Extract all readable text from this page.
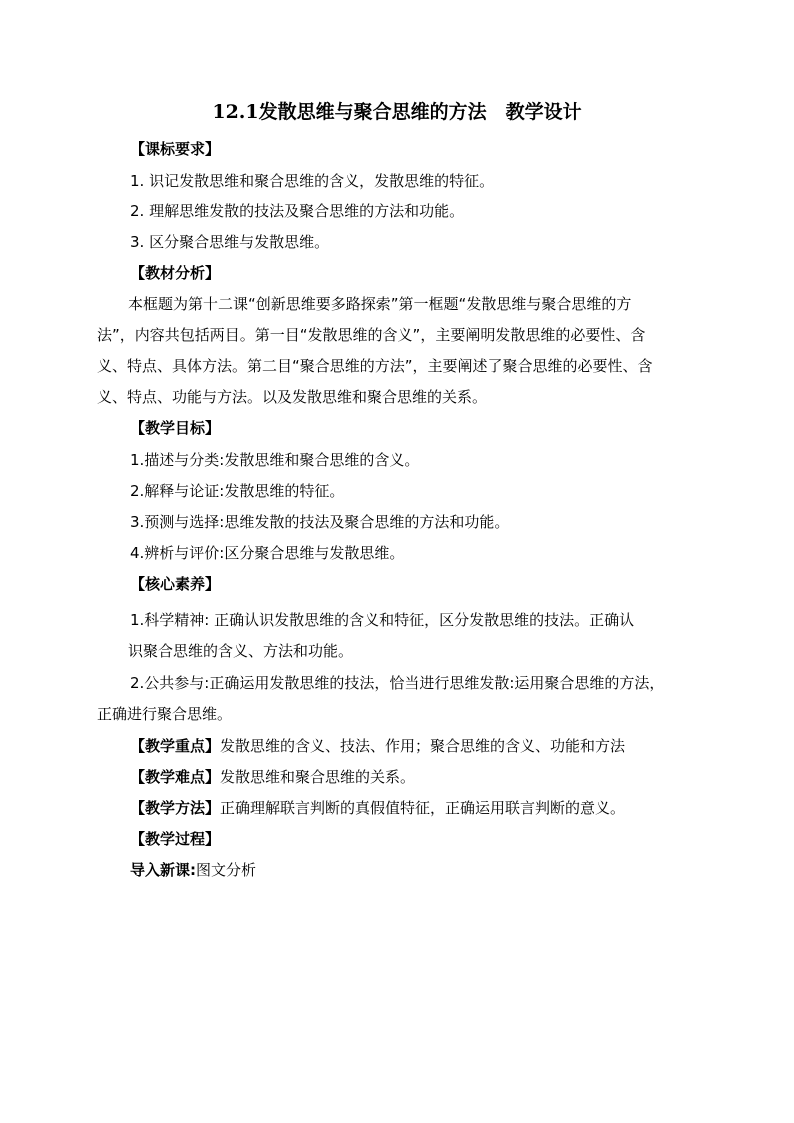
12.1发散思维与聚合思维的方法　教学设计
【课标要求】
1. 识记发散思维和聚合思维的含义，发散思维的特征。
2. 理解思维发散的技法及聚合思维的方法和功能。
3. 区分聚合思维与发散思维。
【教材分析】
本框题为第十二课“创新思维要多路探索”第一框题“发散思维与聚合思维的方
法”，内容共包括两目。第一目“发散思维的含义”，主要阐明发散思维的必要性、含
义、特点、具体方法。第二目“聚合思维的方法”，主要阐述了聚合思维的必要性、含
义、特点、功能与方法。以及发散思维和聚合思维的关系。
【教学目标】
1.描述与分类:发散思维和聚合思维的含义。
2.解释与论证:发散思维的特征。
3.预测与选择:思维发散的技法及聚合思维的方法和功能。
4.辨析与评价:区分聚合思维与发散思维。
【核心素养】
1.科学精神: 正确认识发散思维的含义和特征，区分发散思维的技法。正确认
识聚合思维的含义、方法和功能。
2.公共参与:正确运用发散思维的技法，恰当进行思维发散:运用聚合思维的方法，
正确进行聚合思维。
【教学重点】发散思维的含义、技法、作用；聚合思维的含义、功能和方法
【教学难点】发散思维和聚合思维的关系。
【教学方法】正确理解联言判断的真假值特征，正确运用联言判断的意义。
【教学过程】
导入新课:图文分析
